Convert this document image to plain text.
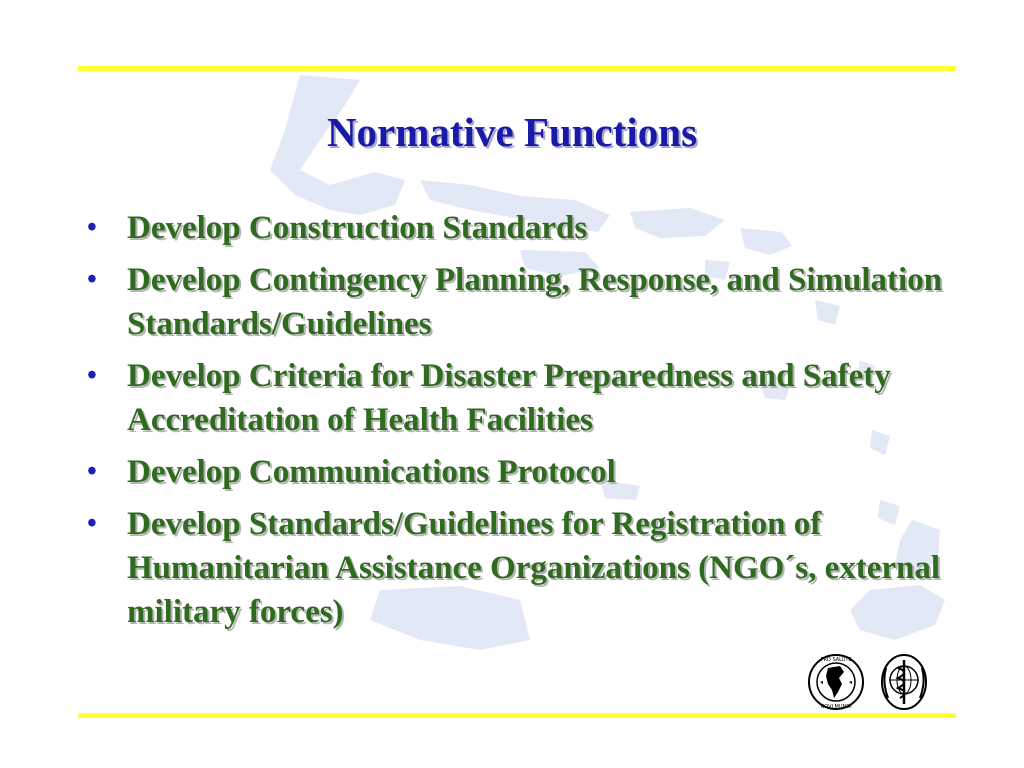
Normative Functions
• Develop Construction Standards
• Develop Contingency Planning, Response, and Simulation Standards/Guidelines
• Develop Criteria for Disaster Preparedness and Safety Accreditation of Health Facilities
• Develop Communications Protocol
• Develop Standards/Guidelines for Registration of Humanitarian Assistance Organizations (NGO´s, external military forces)
PRO SALUTE
NOVI MUNDI
